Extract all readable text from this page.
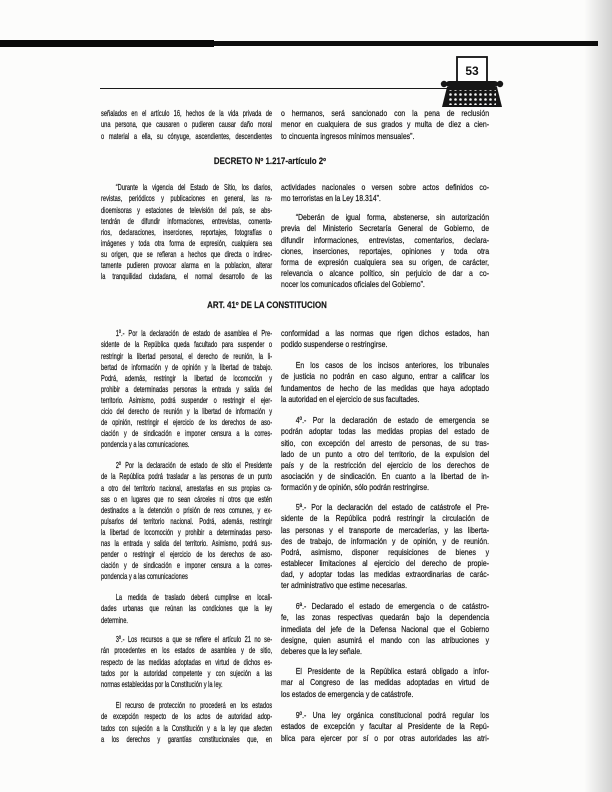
53
señalados en el artículo 16, hechos de la vida privada de
una persona, que causaren o pudieren causar daño moral
o material a ella, su cónyuge, ascendientes, descendientes
o hermanos, será sancionado con la pena de reclusión
menor en cualquiera de sus grados y multa de diez a cien-
to cincuenta ingresos mínimos mensuales”.
DECRETO Nº 1.217-artículo 2º
“Durante la vigencia del Estado de Sitio, los diarios,
revistas, periódicos y publicaciones en general, las ra-
dioemisoras y estaciones de televisión del país, se abs-
tendrán de difundir informaciones, entrevistas, comenta-
rios, declaraciones, inserciones, reportajes, fotografías o
imágenes y toda otra forma de expresión, cualquiera sea
su origen, que se refieran a hechos que directa o indirec-
tamente pudieren provocar alarma en la poblacion, alterar
la tranquilidad ciudadana, el normal desarrollo de las
actividades nacionales o versen sobre actos definidos co-
mo terroristas en la Ley 18.314”.
“Deberán de igual forma, abstenerse, sin autorización
previa del Ministerio Secretaría General de Gobierno, de
difundir informaciones, entrevistas, comentarios, declara-
ciones, inserciones, reportajes, opiniones y toda otra
forma de expresión cualquiera sea su origen, de carácter,
relevancia o alcance político, sin perjuicio de dar a co-
nocer los comunicados oficiales del Gobierno”.
ART. 41º DE LA CONSTITUCION
1º.- Por la declaración de estado de asamblea el Pre-
sidente de la República queda facultado para suspender o
restringir la libertad personal, el derecho de reunión, la li-
bertad de información y de opinión y la libertad de trabajo.
Podrá, además, restringir la libertad de locomoción y
prohibir a determinadas personas la entrada y salida del
territorio. Asimismo, podrá suspender o restringir el ejer-
cicio del derecho de reunión y la libertad de información y
de opinión, restringir el ejercicio de los derechos de aso-
ciación y de sindicación e imponer censura a la corres-
pondencia y a las comunicaciones.
2º Por la declaración de estado de sitio el Presidente
de la República podrá trasladar a las personas de un punto
a otro del territorio nacional, arrestarlas en sus propias ca-
sas o en lugares que no sean cárceles ni otros que estén
destinados a la detención o prisión de reos comunes, y ex-
pulsarlos del territorio nacional. Podrá, además, restringir
la libertad de locomoción y prohibir a determinadas perso-
nas la entrada y salida del territorio. Asimismo, podrá sus-
pender o restringir el ejercicio de los derechos de aso-
ciación y de sindicación e imponer censura a la corres-
pondencia y a las comunicaciones
La medida de traslado deberá cumplirse en locali-
dades urbanas que reúnan las condiciones que la ley
determine.
3º.- Los recursos a que se refiere el artículo 21 no se-
rán procedentes en los estados de asamblea y de sitio,
respecto de las medidas adoptadas en virtud de dichos es-
tados por la autoridad competente y con sujeción a las
normas establecidas por la Constitución y la ley.
El recurso de protección no procederá en los estados
de excepción respecto de los actos de autoridad adop-
tados con sujeción a la Constitución y a la ley que afecten
a los derechos y garantías constitucionales que, en
conformidad a las normas que rigen dichos estados, han
podido suspenderse o restringirse.
En los casos de los incisos anteriores, los tribunales
de justicia no podrán en caso alguno, entrar a calificar los
fundamentos de hecho de las medidas que haya adoptado
la autoridad en el ejercicio de sus facultades.
4º.- Por la declaración de estado de emergencia se
podrán adoptar todas las medidas propias del estado de
sitio, con excepción del arresto de personas, de su tras-
lado de un punto a otro del territorio, de la expulsion del
país y de la restricción del ejercicio de los derechos de
asociación y de sindicación. En cuanto a la libertad de in-
formación y de opinión, sólo podrán restringirse.
5ª.- Por la declaración del estado de catástrofe el Pre-
sidente de la República podrá restringir la circulación de
las personas y el transporte de mercaderías, y las liberta-
des de trabajo, de información y de opinión, y de reunión.
Podrá, asimismo, disponer requisiciones de bienes y
establecer limitaciones al ejercicio del derecho de propie-
dad, y adoptar todas las medidas extraordinarias de carác-
ter administrativo que estime necesarias.
6ª.- Declarado el estado de emergencia o de catástro-
fe, las zonas respectivas quedarán bajo la dependencia
inmediata del jefe de la Defensa Nacional que el Gobierno
designe, quien asumirá el mando con las atribuciones y
deberes que la ley señale.
El Presidente de la República estará obligado a infor-
mar al Congreso de las medidas adoptadas en virtud de
los estados de emergencia y de catástrofe.
9º.- Una ley orgánica constitucional podrá regular los
estados de excepción y facultar al Presidente de la Repú-
blica para ejercer por sí o por otras autoridades las atri-
